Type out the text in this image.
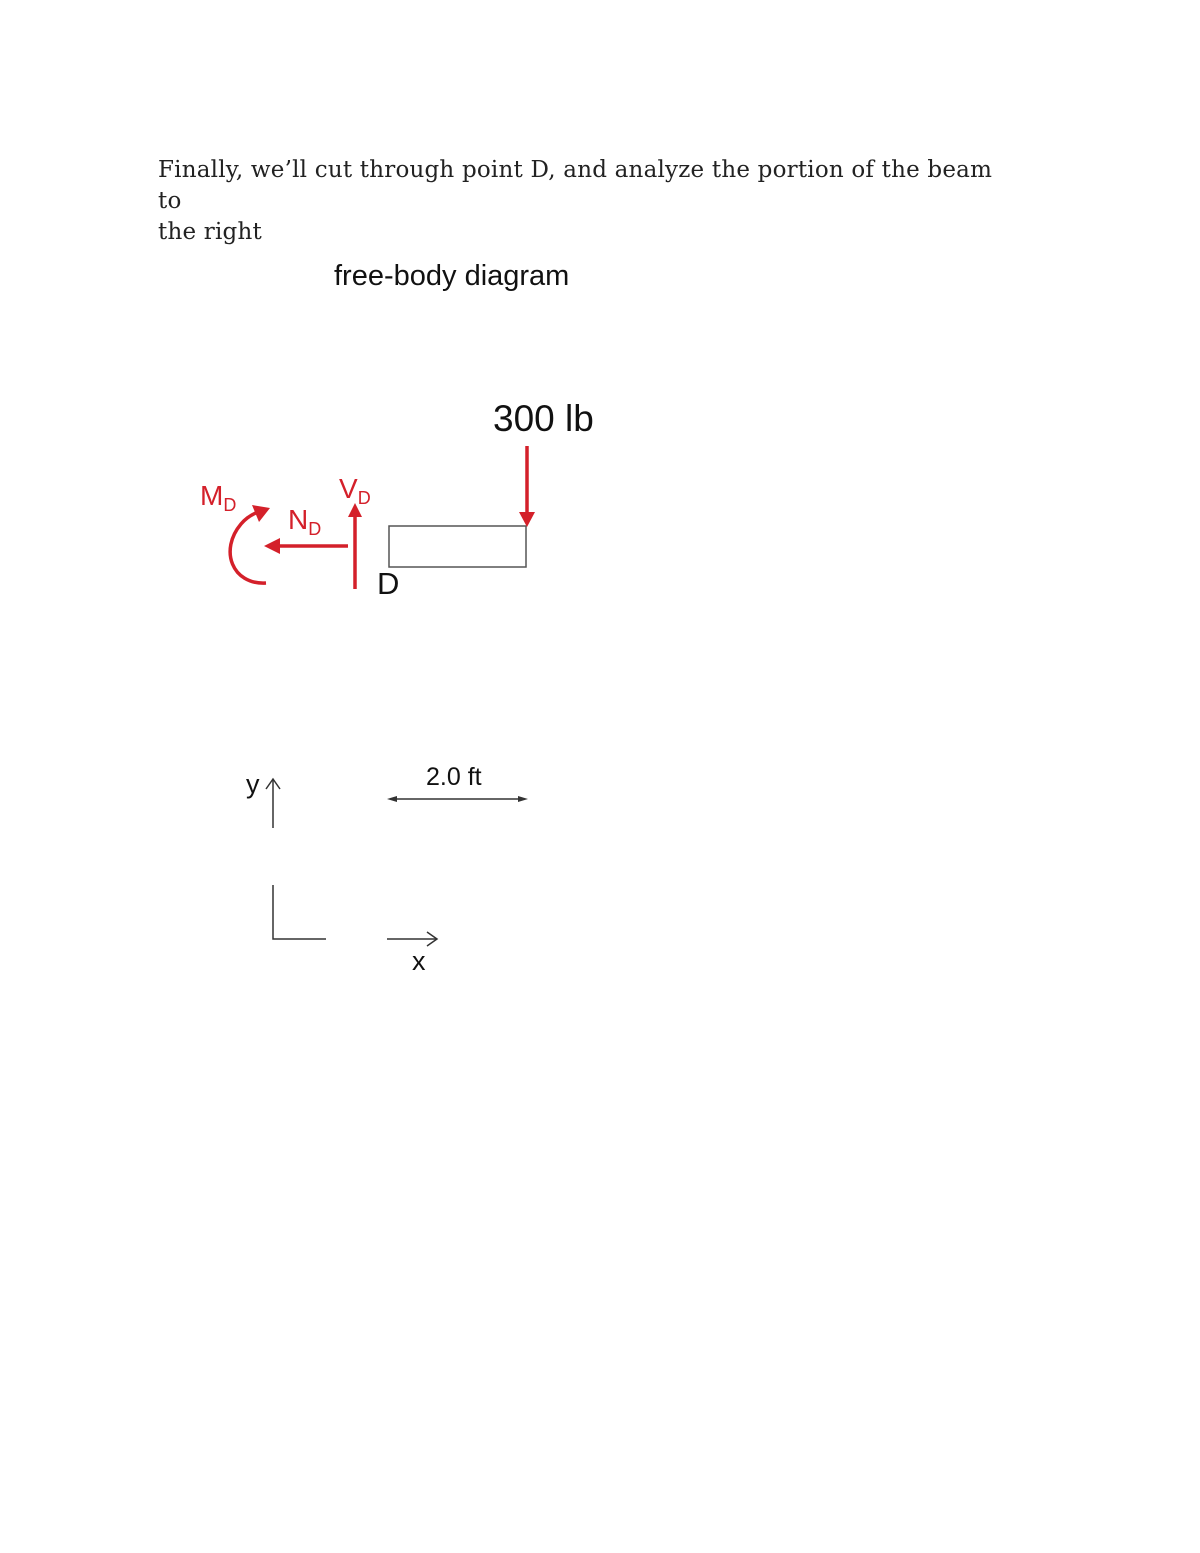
Finally, we’ll cut through point D, and analyze the portion of the beam to
the right
free-body diagram
300 lb
$V_D$
$N_D$
$M_D$
D
2.0 ft
y
x
